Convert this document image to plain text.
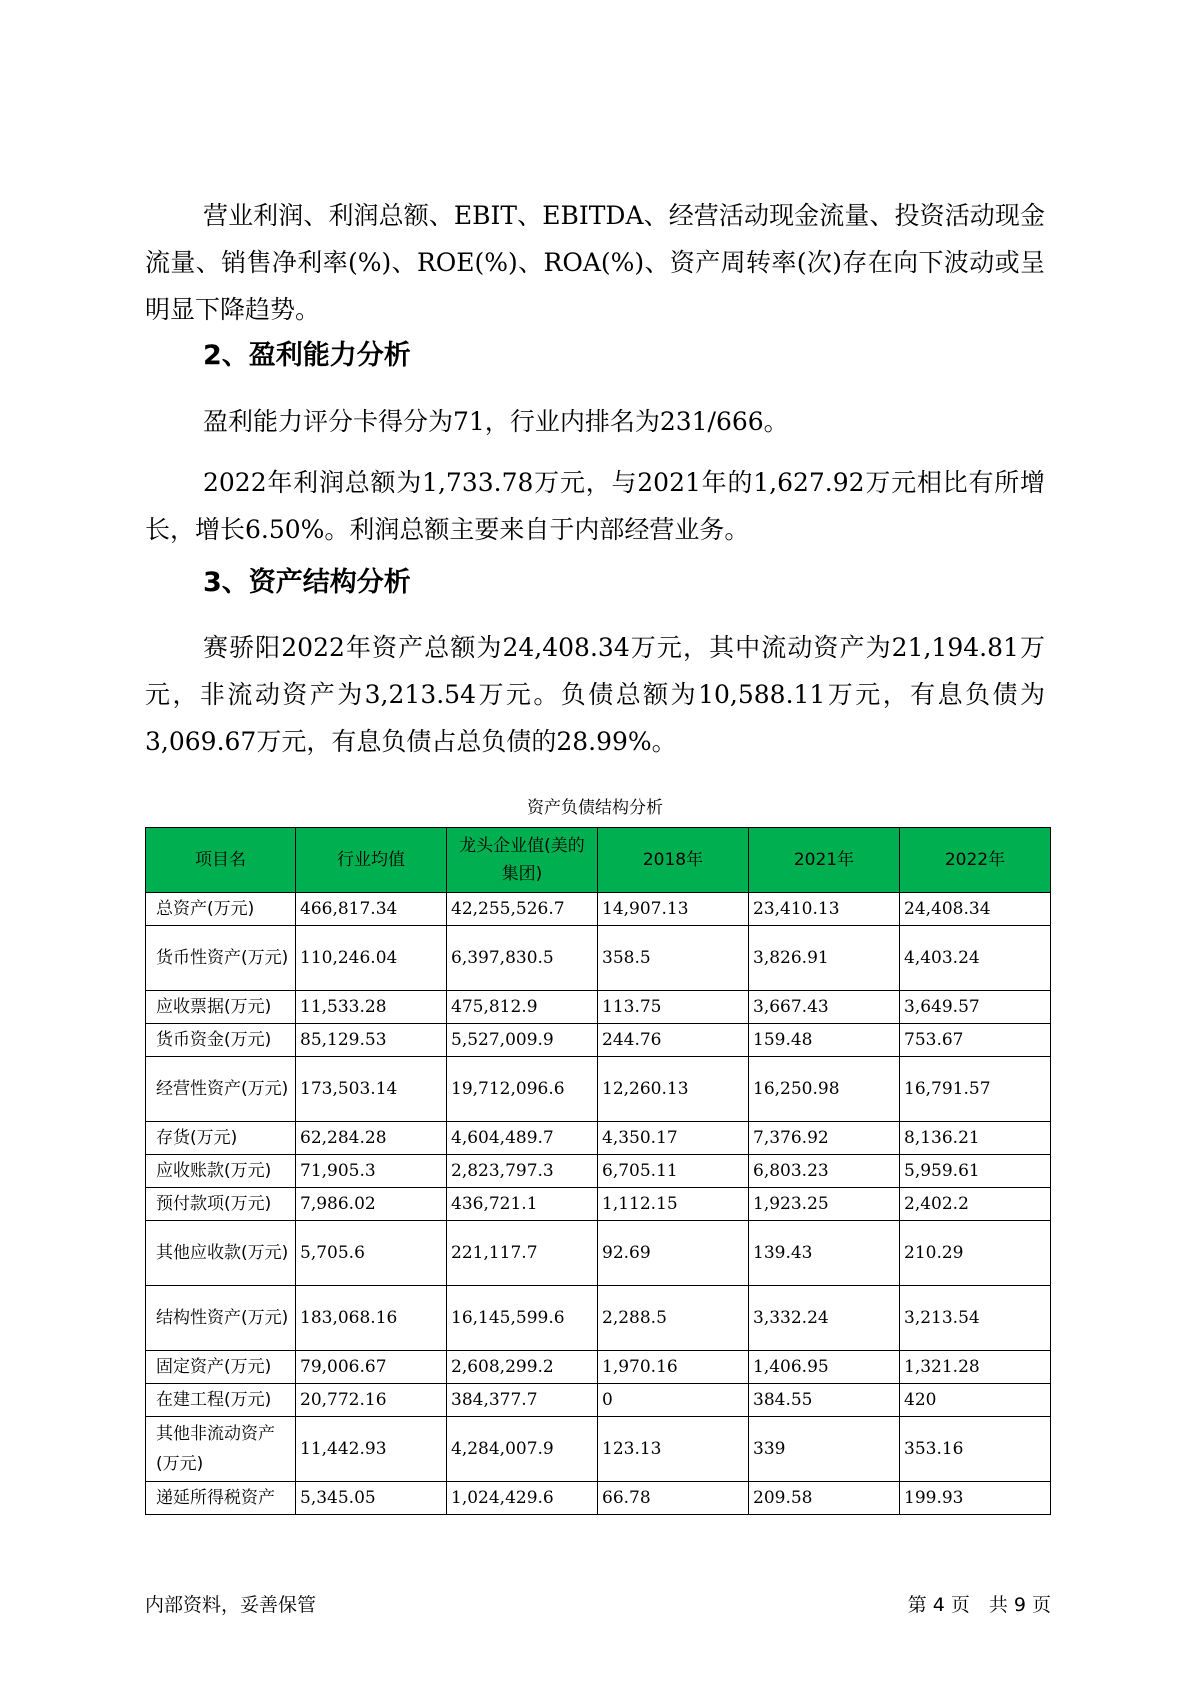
营业利润、利润总额、EBIT、EBITDA、经营活动现金流量、投资活动现金流量、销售净利率(%)、ROE(%)、ROA(%)、资产周转率(次)存在向下波动或呈明显下降趋势。

2、盈利能力分析

盈利能力评分卡得分为71，行业内排名为231/666。

2022年利润总额为1,733.78万元，与2021年的1,627.92万元相比有所增长，增长6.50%。利润总额主要来自于内部经营业务。

3、资产结构分析

赛骄阳2022年资产总额为24,408.34万元，其中流动资产为21,194.81万元，非流动资产为3,213.54万元。负债总额为10,588.11万元，有息负债为3,069.67万元，有息负债占总负债的28.99%。

资产负债结构分析
项目名	行业均值	龙头企业值(美的集团)	2018年	2021年	2022年
总资产(万元)	466,817.34	42,255,526.7	14,907.13	23,410.13	24,408.34
货币性资产(万元)	110,246.04	6,397,830.5	358.5	3,826.91	4,403.24
应收票据(万元)	11,533.28	475,812.9	113.75	3,667.43	3,649.57
货币资金(万元)	85,129.53	5,527,009.9	244.76	159.48	753.67
经营性资产(万元)	173,503.14	19,712,096.6	12,260.13	16,250.98	16,791.57
存货(万元)	62,284.28	4,604,489.7	4,350.17	7,376.92	8,136.21
应收账款(万元)	71,905.3	2,823,797.3	6,705.11	6,803.23	5,959.61
预付款项(万元)	7,986.02	436,721.1	1,112.15	1,923.25	2,402.2
其他应收款(万元)	5,705.6	221,117.7	92.69	139.43	210.29
结构性资产(万元)	183,068.16	16,145,599.6	2,288.5	3,332.24	3,213.54
固定资产(万元)	79,006.67	2,608,299.2	1,970.16	1,406.95	1,321.28
在建工程(万元)	20,772.16	384,377.7	0	384.55	420
其他非流动资产(万元)	11,442.93	4,284,007.9	123.13	339	353.16
递延所得税资产	5,345.05	1,024,429.6	66.78	209.58	199.93
内部资料，妥善保管	第 4 页　共 9 页
